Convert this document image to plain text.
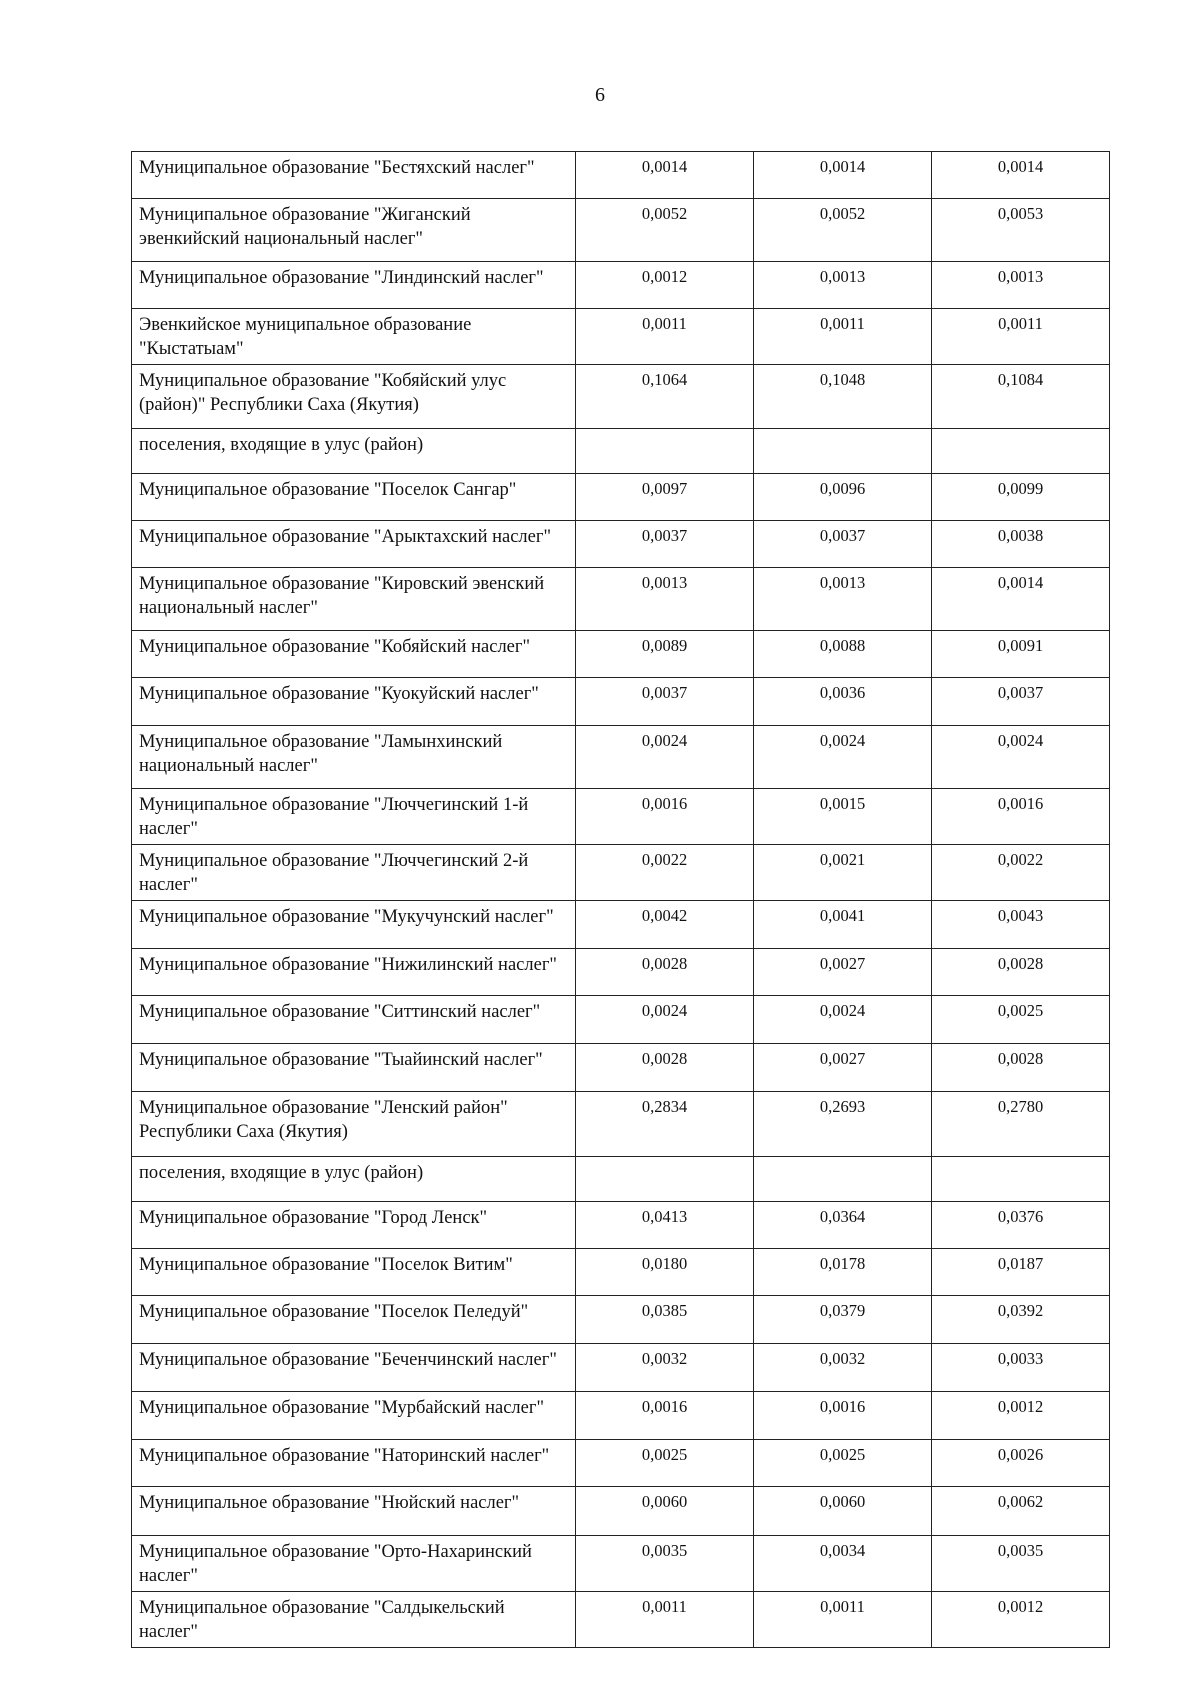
6
Муниципальное образование "Бестяхский наслег"	0,0014	0,0014	0,0014
Муниципальное образование "Жиганский эвенкийский национальный наслег"	0,0052	0,0052	0,0053
Муниципальное образование "Линдинский наслег"	0,0012	0,0013	0,0013
Эвенкийское муниципальное образование "Кыстатыам"	0,0011	0,0011	0,0011
Муниципальное образование "Кобяйский улус (район)" Республики Саха (Якутия)	0,1064	0,1048	0,1084
поселения, входящие в улус (район)			
Муниципальное образование "Поселок Сангар"	0,0097	0,0096	0,0099
Муниципальное образование "Арыктахский наслег"	0,0037	0,0037	0,0038
Муниципальное образование "Кировский эвенский национальный наслег"	0,0013	0,0013	0,0014
Муниципальное образование "Кобяйский наслег"	0,0089	0,0088	0,0091
Муниципальное образование "Куокуйский наслег"	0,0037	0,0036	0,0037
Муниципальное образование "Ламынхинский национальный наслег"	0,0024	0,0024	0,0024
Муниципальное образование "Люччегинский 1-й наслег"	0,0016	0,0015	0,0016
Муниципальное образование "Люччегинский 2-й наслег"	0,0022	0,0021	0,0022
Муниципальное образование "Мукучунский наслег"	0,0042	0,0041	0,0043
Муниципальное образование "Нижилинский наслег"	0,0028	0,0027	0,0028
Муниципальное образование "Ситтинский наслег"	0,0024	0,0024	0,0025
Муниципальное образование "Тыайинский наслег"	0,0028	0,0027	0,0028
Муниципальное образование "Ленский район" Республики Саха (Якутия)	0,2834	0,2693	0,2780
поселения, входящие в улус (район)			
Муниципальное образование "Город Ленск"	0,0413	0,0364	0,0376
Муниципальное образование "Поселок Витим"	0,0180	0,0178	0,0187
Муниципальное образование "Поселок Пеледуй"	0,0385	0,0379	0,0392
Муниципальное образование "Беченчинский наслег"	0,0032	0,0032	0,0033
Муниципальное образование "Мурбайский наслег"	0,0016	0,0016	0,0012
Муниципальное образование "Наторинский наслег"	0,0025	0,0025	0,0026
Муниципальное образование "Нюйский наслег"	0,0060	0,0060	0,0062
Муниципальное образование "Орто-Нахаринский наслег"	0,0035	0,0034	0,0035
Муниципальное образование "Салдыкельский наслег"	0,0011	0,0011	0,0012
